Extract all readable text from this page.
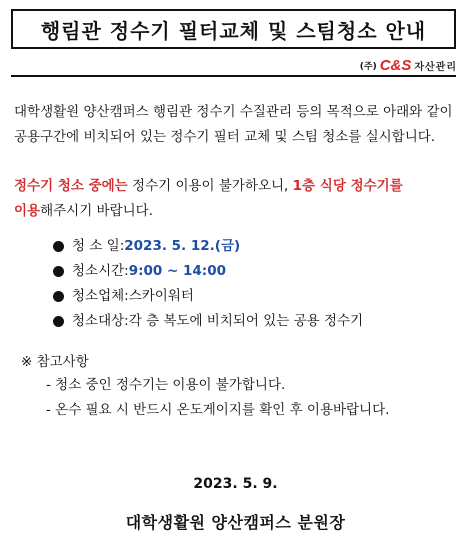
행림관 정수기 필터교체 및 스팀청소 안내
(주) C&S 자산관리
대학생활원 양산캠퍼스 행림관 정수기 수질관리 등의 목적으로 아래와 같이 공용구간에 비치되어 있는 정수기 필터 교체 및 스팀 청소를 실시합니다.
정수기 청소 중에는 정수기 이용이 불가하오니, 1층 식당 정수기를 이용해주시기 바랍니다.
청 소 일: 2023. 5. 12.(금)
청소시간: 9:00 ~ 14:00
청소업체: 스카이워터
청소대상: 각 층 복도에 비치되어 있는 공용 정수기
※ 참고사항
- 청소 중인 정수기는 이용이 불가합니다.
- 온수 필요 시 반드시 온도게이지를 확인 후 이용바랍니다.
2023. 5. 9.
대학생활원 양산캠퍼스 분원장
